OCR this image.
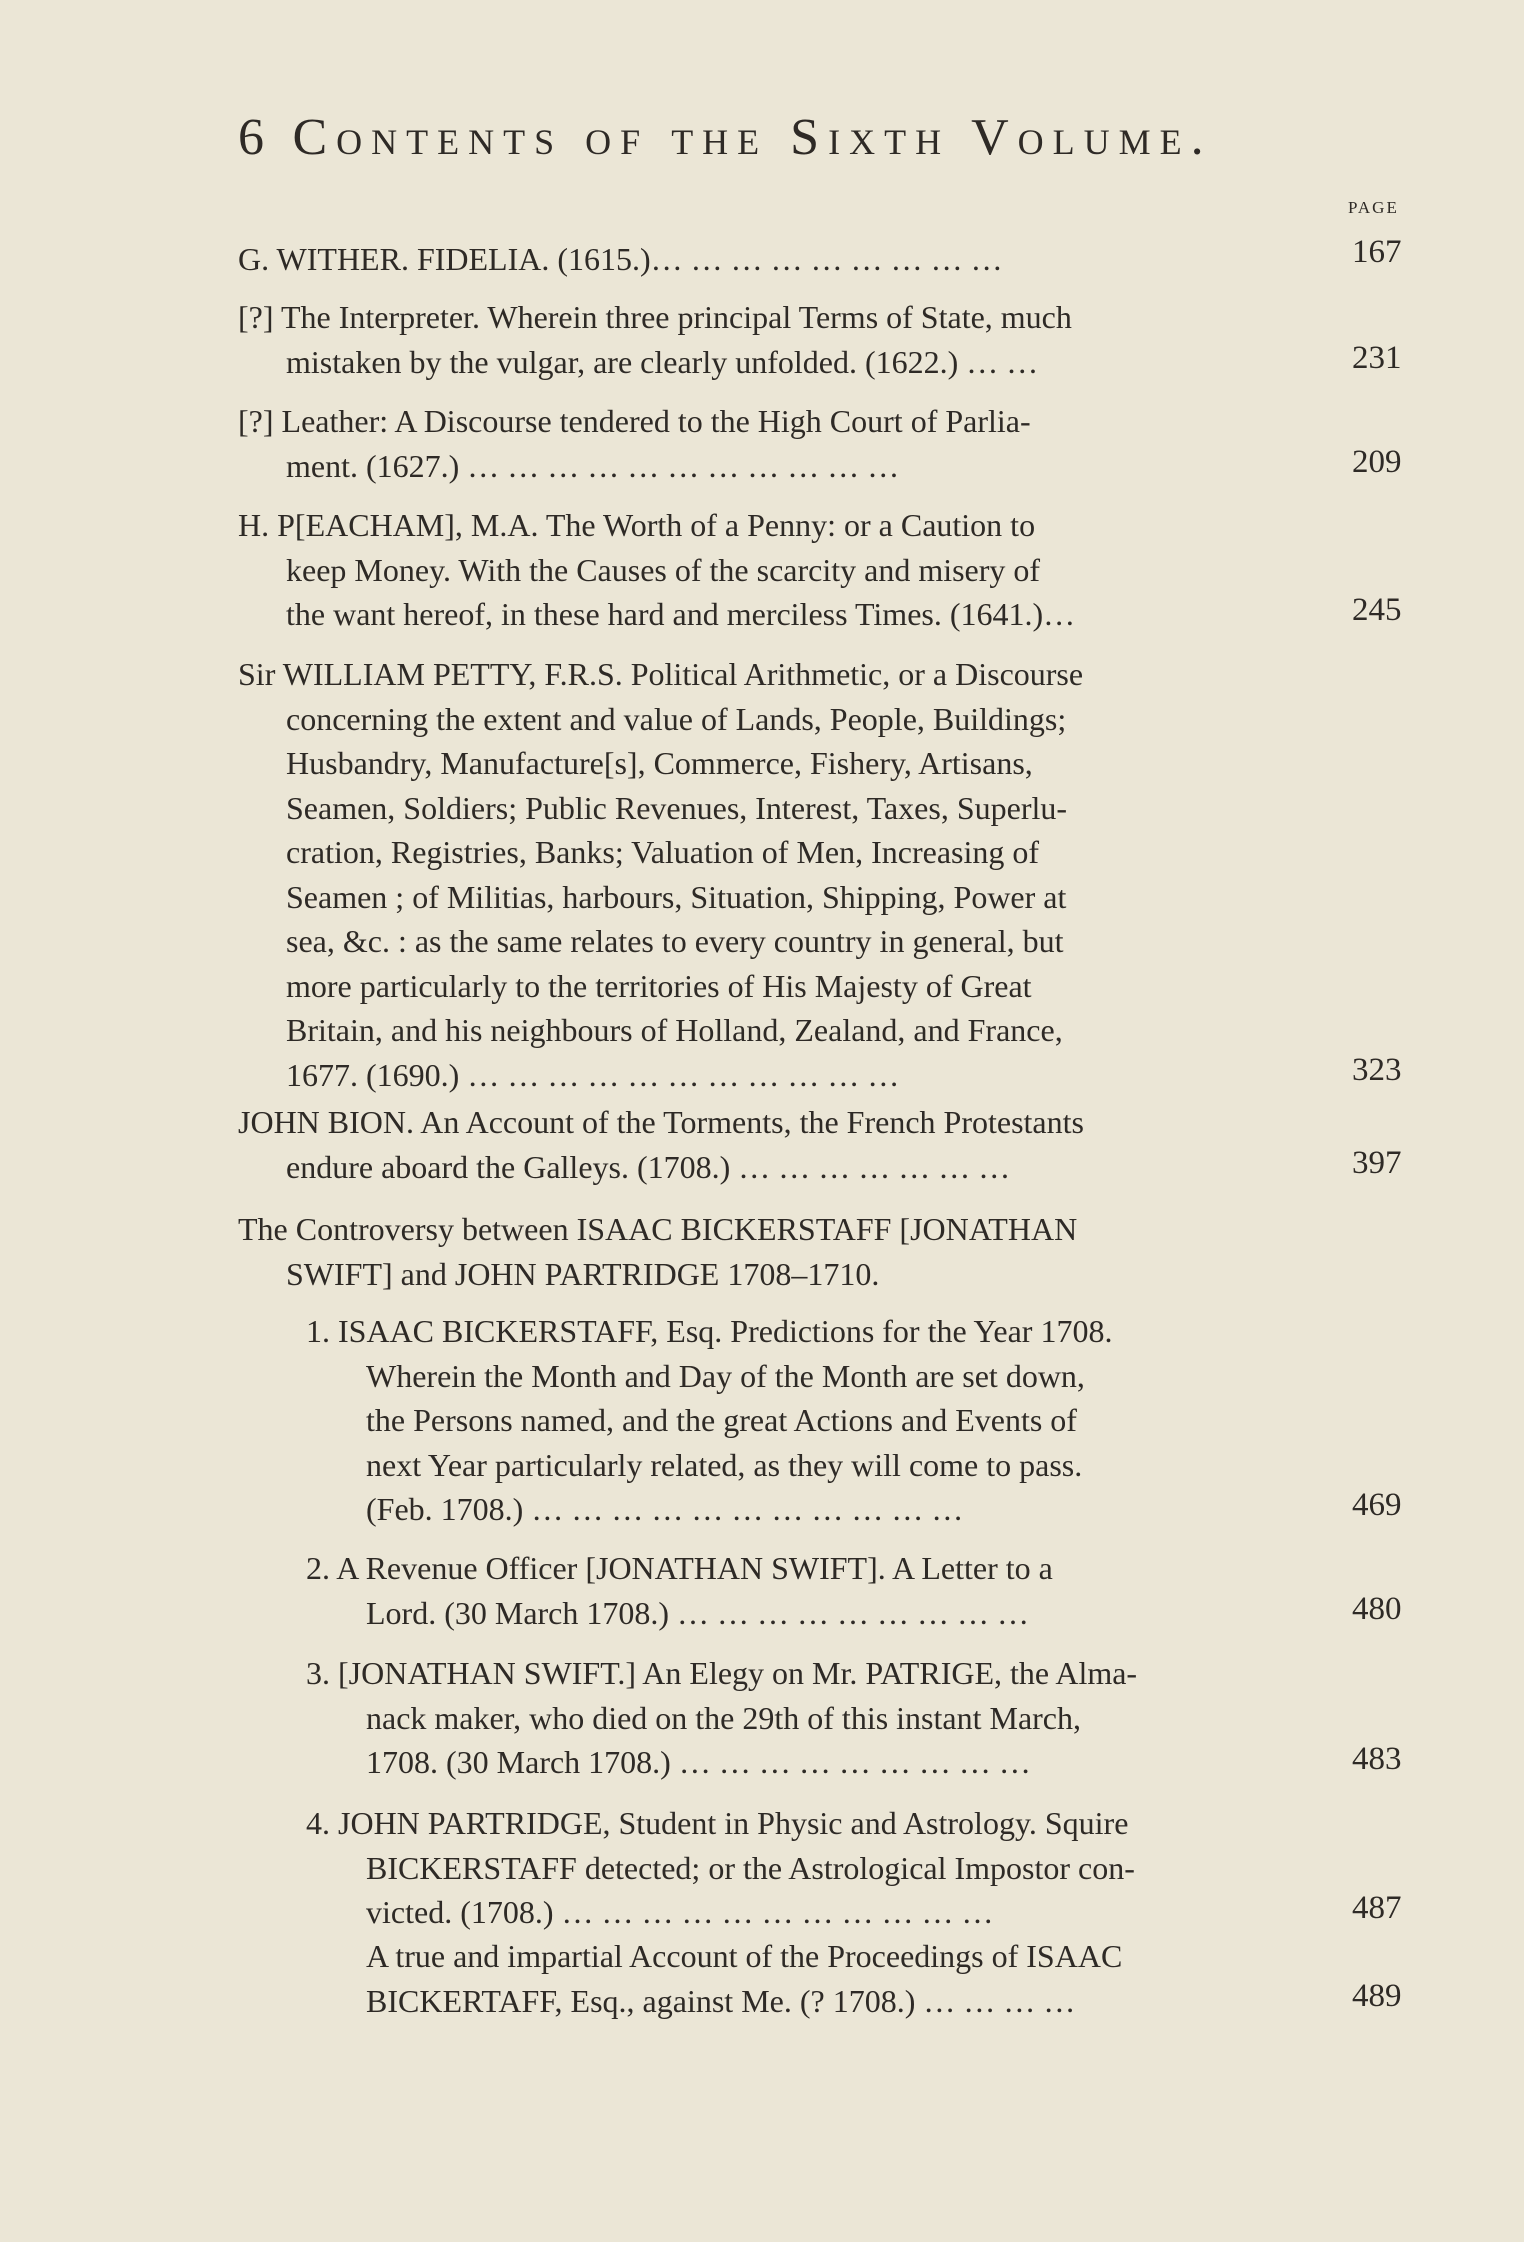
6 Contents of the Sixth Volume.
PAGE
G. WITHER. FIDELIA. (1615.)… … … … … … … … …	167
[?] The Interpreter. Wherein three principal Terms of State, much
mistaken by the vulgar, are clearly unfolded. (1622.) … …	231
[?] Leather: A Discourse tendered to the High Court of Parlia-
ment. (1627.) … … … … … … … … … … …	209
H. P[EACHAM], M.A. The Worth of a Penny: or a Caution to
keep Money. With the Causes of the scarcity and misery of
the want hereof, in these hard and merciless Times. (1641.)…	245
Sir WILLIAM PETTY, F.R.S. Political Arithmetic, or a Discourse
concerning the extent and value of Lands, People, Buildings;
Husbandry, Manufacture[s], Commerce, Fishery, Artisans,
Seamen, Soldiers; Public Revenues, Interest, Taxes, Superlu-
cration, Registries, Banks; Valuation of Men, Increasing of
Seamen ; of Militias, harbours, Situation, Shipping, Power at
sea, &c. : as the same relates to every country in general, but
more particularly to the territories of His Majesty of Great
Britain, and his neighbours of Holland, Zealand, and France,
1677. (1690.) … … … … … … … … … … …	323
JOHN BION. An Account of the Torments, the French Protestants
endure aboard the Galleys. (1708.) … … … … … … …	397
The Controversy between ISAAC BICKERSTAFF [JONATHAN
SWIFT] and JOHN PARTRIDGE 1708–1710.
1. ISAAC BICKERSTAFF, Esq. Predictions for the Year 1708.
Wherein the Month and Day of the Month are set down,
the Persons named, and the great Actions and Events of
next Year particularly related, as they will come to pass.
(Feb. 1708.) … … … … … … … … … … …	469
2. A Revenue Officer [JONATHAN SWIFT]. A Letter to a
Lord. (30 March 1708.) … … … … … … … … …	480
3. [JONATHAN SWIFT.] An Elegy on Mr. PATRIGE, the Alma-
nack maker, who died on the 29th of this instant March,
1708. (30 March 1708.) … … … … … … … … …	483
4. JOHN PARTRIDGE, Student in Physic and Astrology. Squire
BICKERSTAFF detected; or the Astrological Impostor con-
victed. (1708.) … … … … … … … … … … …	487
A true and impartial Account of the Proceedings of ISAAC
BICKERTAFF, Esq., against Me. (? 1708.) … … … …	489
